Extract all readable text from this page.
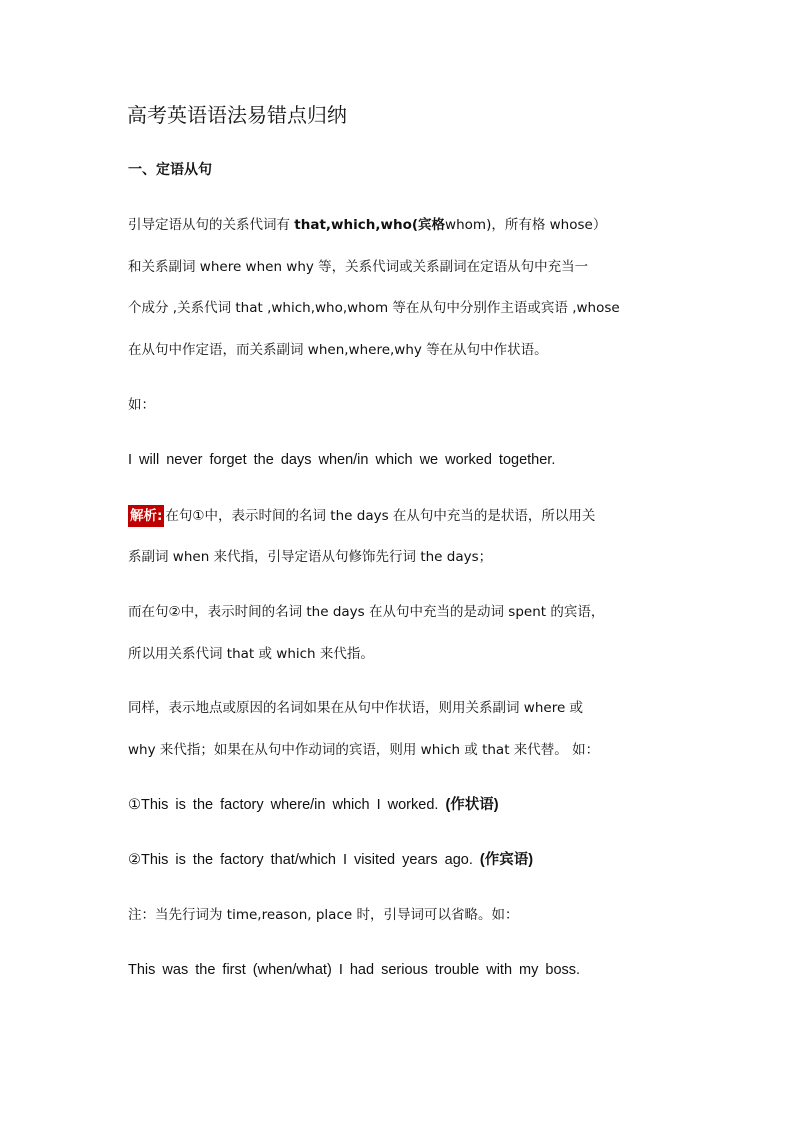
高考英语语法易错点归纳
一、定语从句
引导定语从句的关系代词有 that,which,who(宾格whom)，所有格 whose）
和关系副词 where when why 等，关系代词或关系副词在定语从句中充当一
个成分 ,关系代词 that ,which,who,whom 等在从句中分别作主语或宾语 ,whose
在从句中作定语，而关系副词 when,where,why 等在从句中作状语。
如：
I will never forget the days when/in which we worked together.
解析: 在句①中，表示时间的名词 the days 在从句中充当的是状语，所以用关
系副词 when 来代指，引导定语从句修饰先行词 the days；
而在句②中，表示时间的名词 the days 在从句中充当的是动词 spent 的宾语，
所以用关系代词 that 或 which 来代指。
同样，表示地点或原因的名词如果在从句中作状语，则用关系副词 where 或
why 来代指；如果在从句中作动词的宾语，则用 which 或 that 来代替。 如：
①This is the factory where/in which I worked. (作状语)
②This is the factory that/which I visited years ago. (作宾语)
注：当先行词为 time,reason, place 时，引导词可以省略。如：
This was the first (when/what) I had serious trouble with my boss.
